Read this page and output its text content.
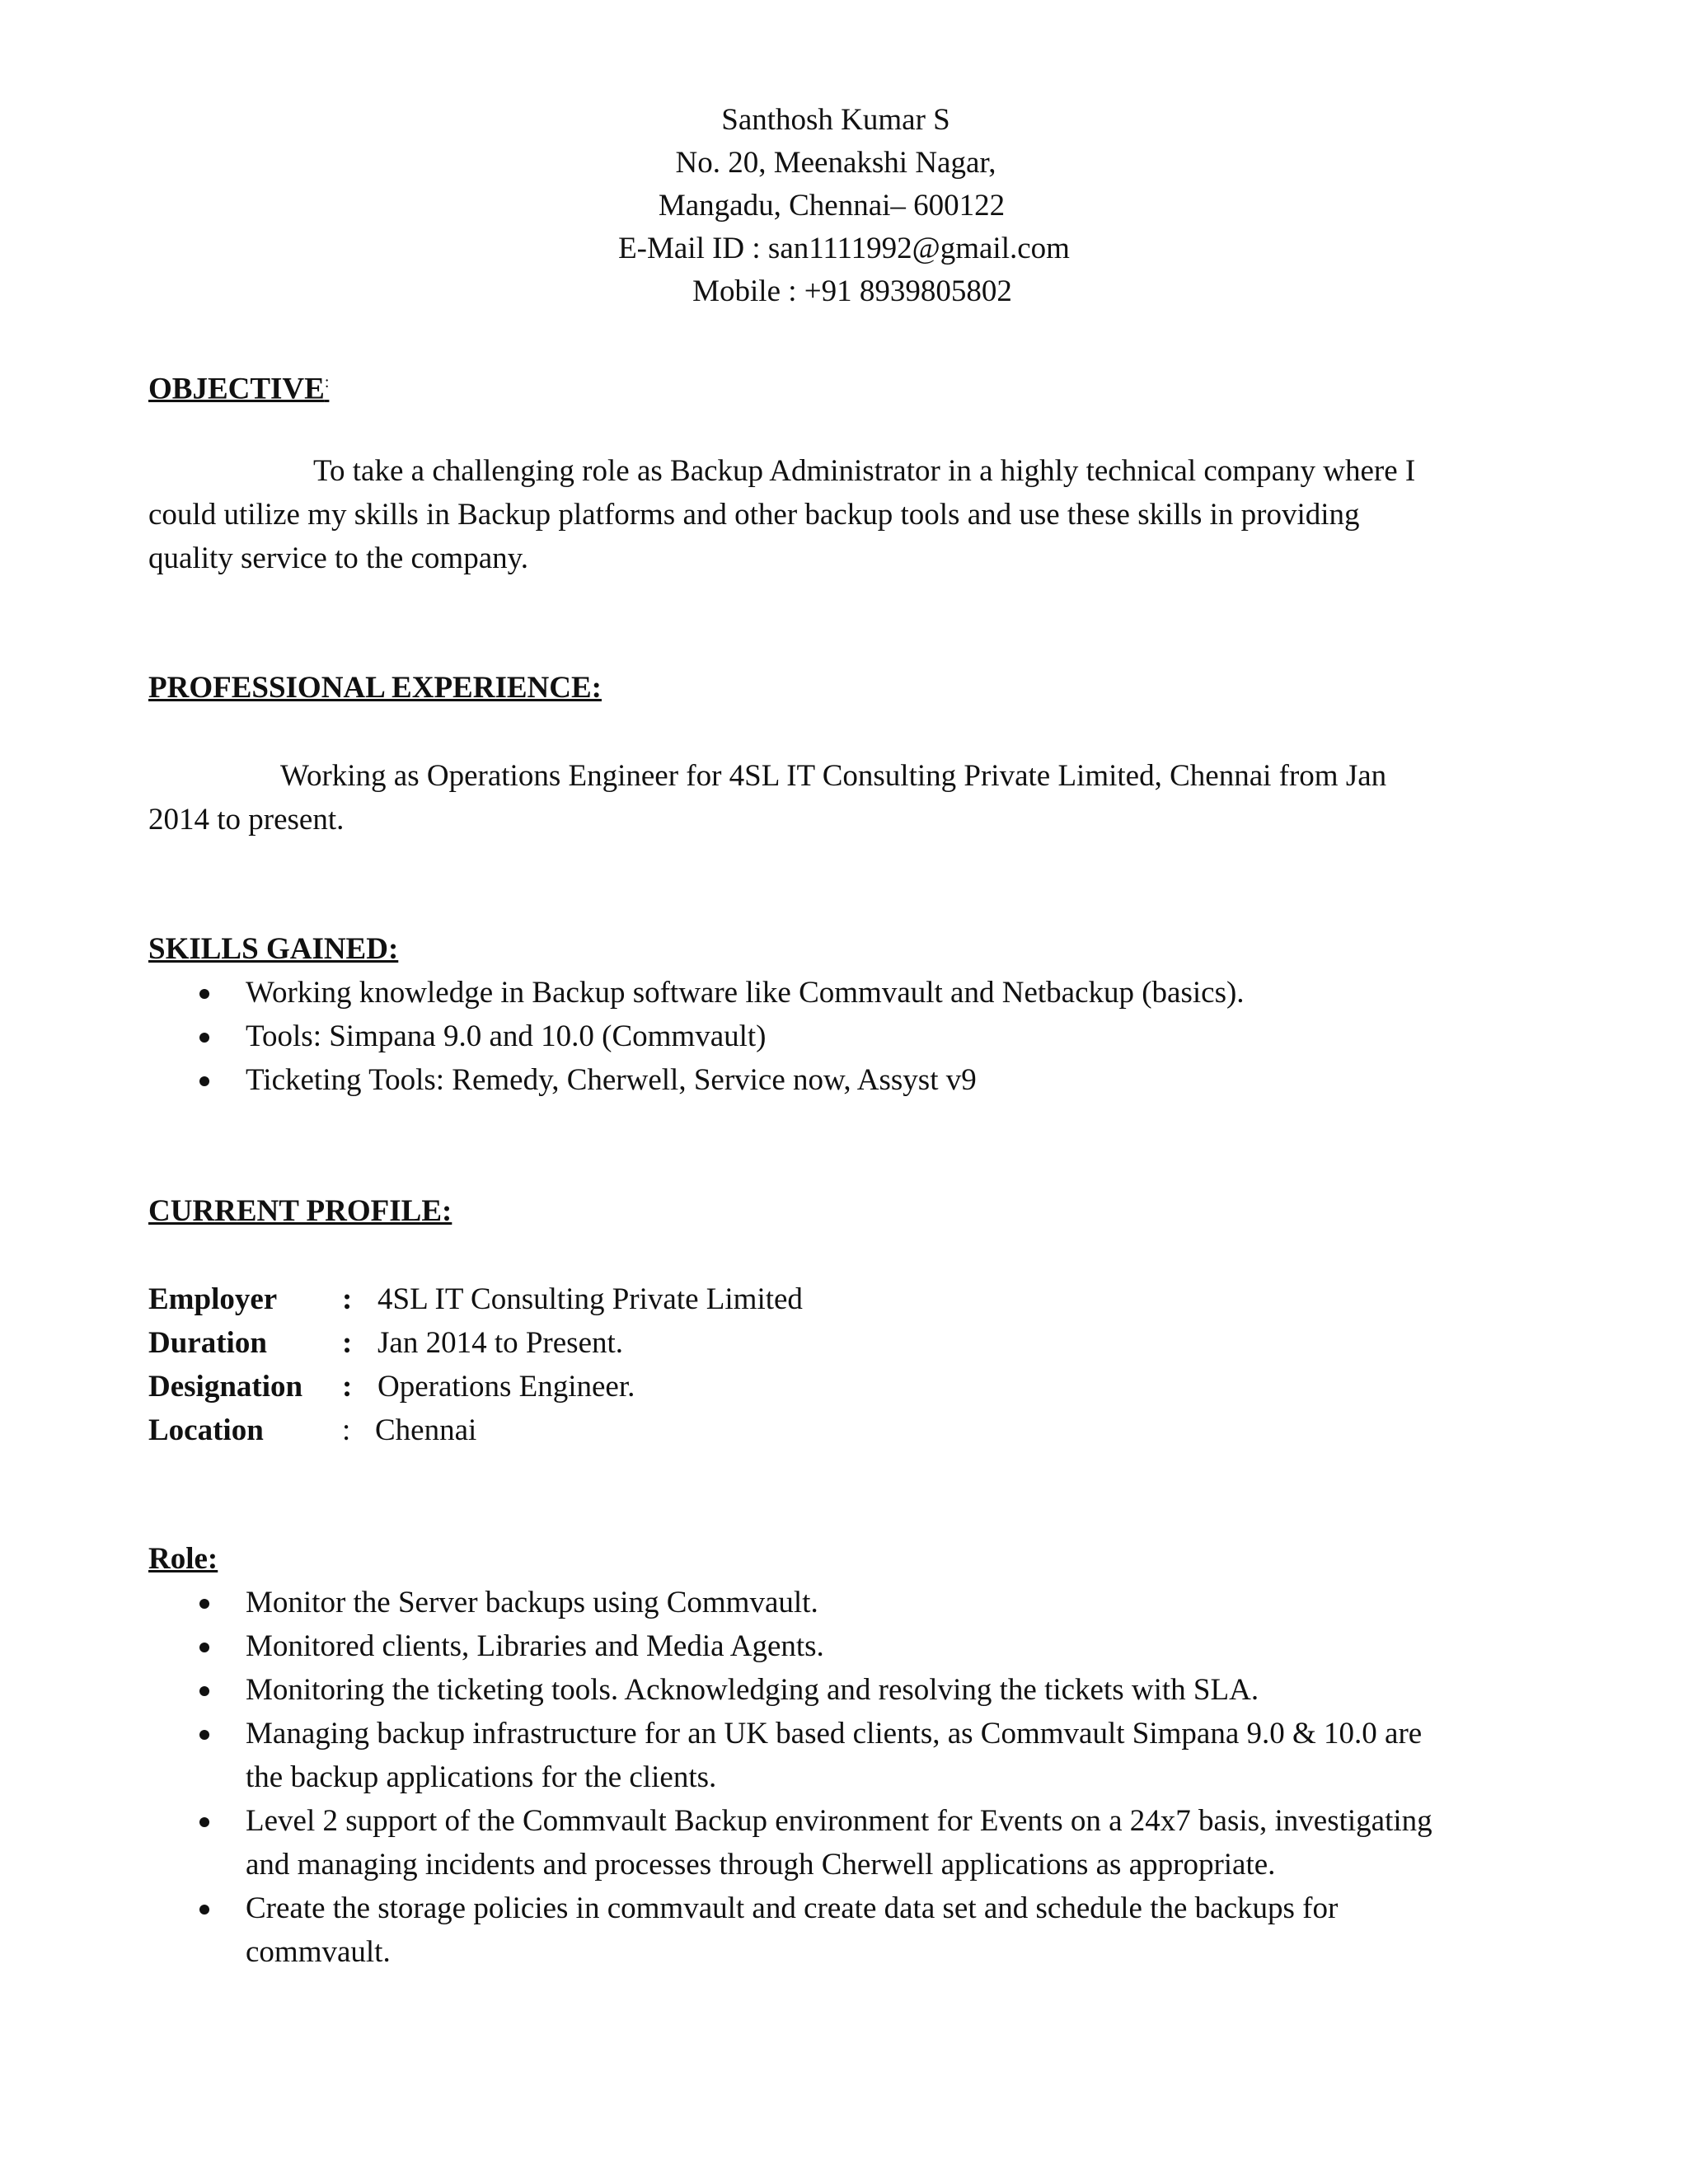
Santhosh Kumar S
No. 20, Meenakshi Nagar,
Mangadu, Chennai– 600122
E-Mail ID : san1111992@gmail.com
Mobile : +91 8939805802
OBJECTIVE:
To take a challenging role as Backup Administrator in a highly technical company where I
could utilize my skills in Backup platforms and other backup tools and use these skills in providing
quality service to the company.
PROFESSIONAL EXPERIENCE:
Working as Operations Engineer for 4SL IT Consulting Private Limited, Chennai from Jan
2014 to present.
SKILLS GAINED:
Working knowledge in Backup software like Commvault and Netbackup (basics).
Tools: Simpana 9.0 and 10.0 (Commvault)
Ticketing Tools: Remedy, Cherwell, Service now, Assyst v9
CURRENT PROFILE:
Employer : 4SL IT Consulting Private Limited
Duration : Jan 2014 to Present.
Designation : Operations Engineer.
Location	: Chennai
Role:
Monitor the Server backups using Commvault.
Monitored clients, Libraries and Media Agents.
Monitoring the ticketing tools. Acknowledging and resolving the tickets with SLA.
Managing backup infrastructure for an UK based clients, as Commvault Simpana 9.0 & 10.0 are
the backup applications for the clients.
Level 2 support of the Commvault Backup environment for Events on a 24x7 basis, investigating
and managing incidents and processes through Cherwell applications as appropriate.
Create the storage policies in commvault and create data set and schedule the backups for
commvault.
